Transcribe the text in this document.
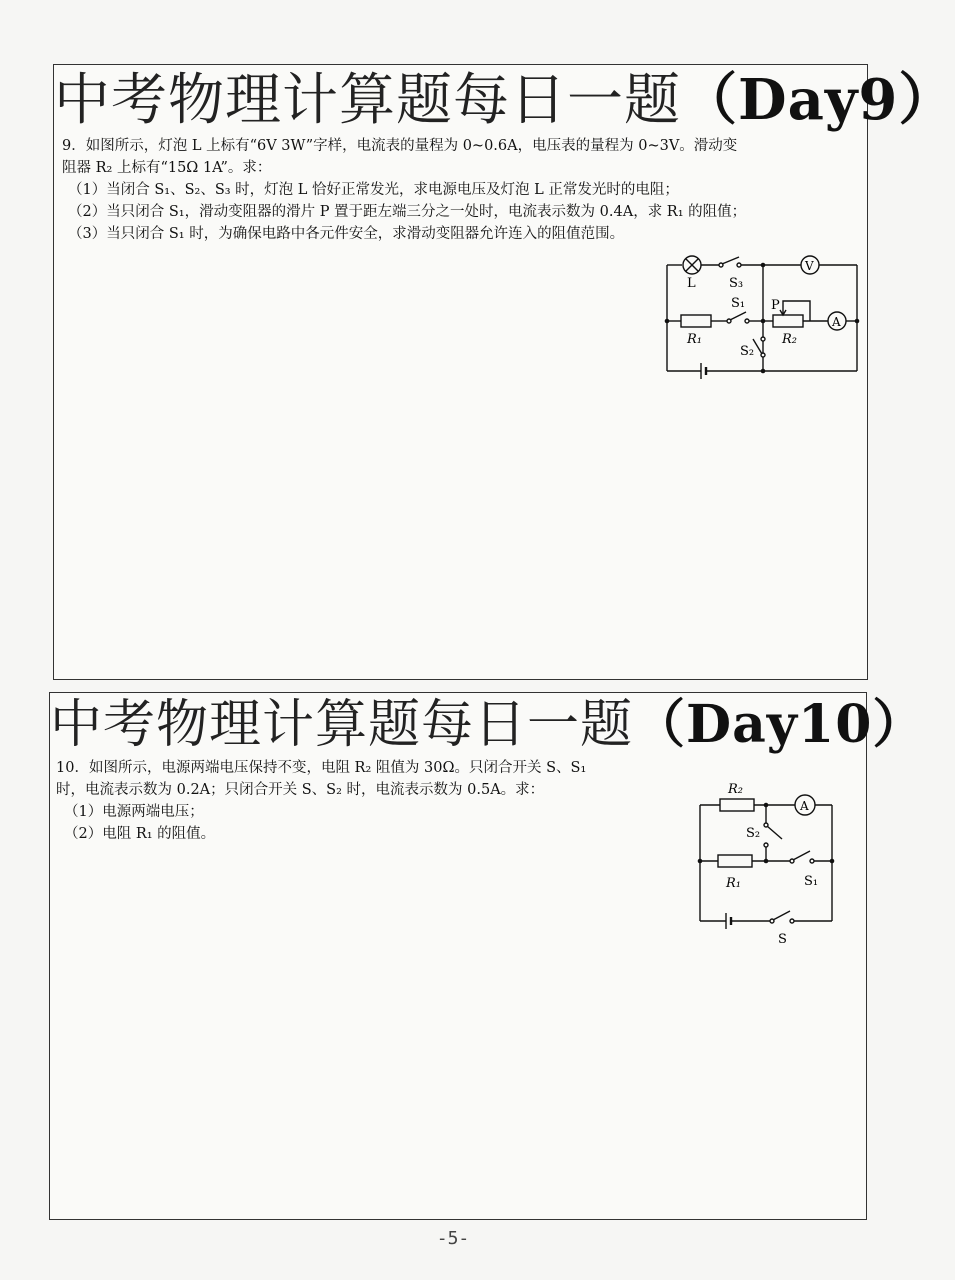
中考物理计算题每日一题（Day9）
9．如图所示，灯泡 L 上标有“6V 3W”字样，电流表的量程为 0~0.6A，电压表的量程为 0~3V。滑动变
阻器 R₂ 上标有“15Ω 1A”。求：
（1）当闭合 S₁、S₂、S₃ 时，灯泡 L 恰好正常发光，求电源电压及灯泡 L 正常发光时的电阻；
（2）当只闭合 S₁，滑动变阻器的滑片 P 置于距左端三分之一处时，电流表示数为 0.4A，求 R₁ 的阻值；
（3）当只闭合 S₁ 时，为确保电路中各元件安全，求滑动变阻器允许连入的阻值范围。
L	S₃
S₁
R₁	R₂
P
S₂
V
A
中考物理计算题每日一题（Day10）
10．如图所示，电源两端电压保持不变，电阻 R₂ 阻值为 30Ω。只闭合开关 S、S₁
时，电流表示数为 0.2A；只闭合开关 S、S₂ 时，电流表示数为 0.5A。求：
（1）电源两端电压；
（2）电阻 R₁ 的阻值。
R₂
A
S₂
R₁	S₁
S
-5-
